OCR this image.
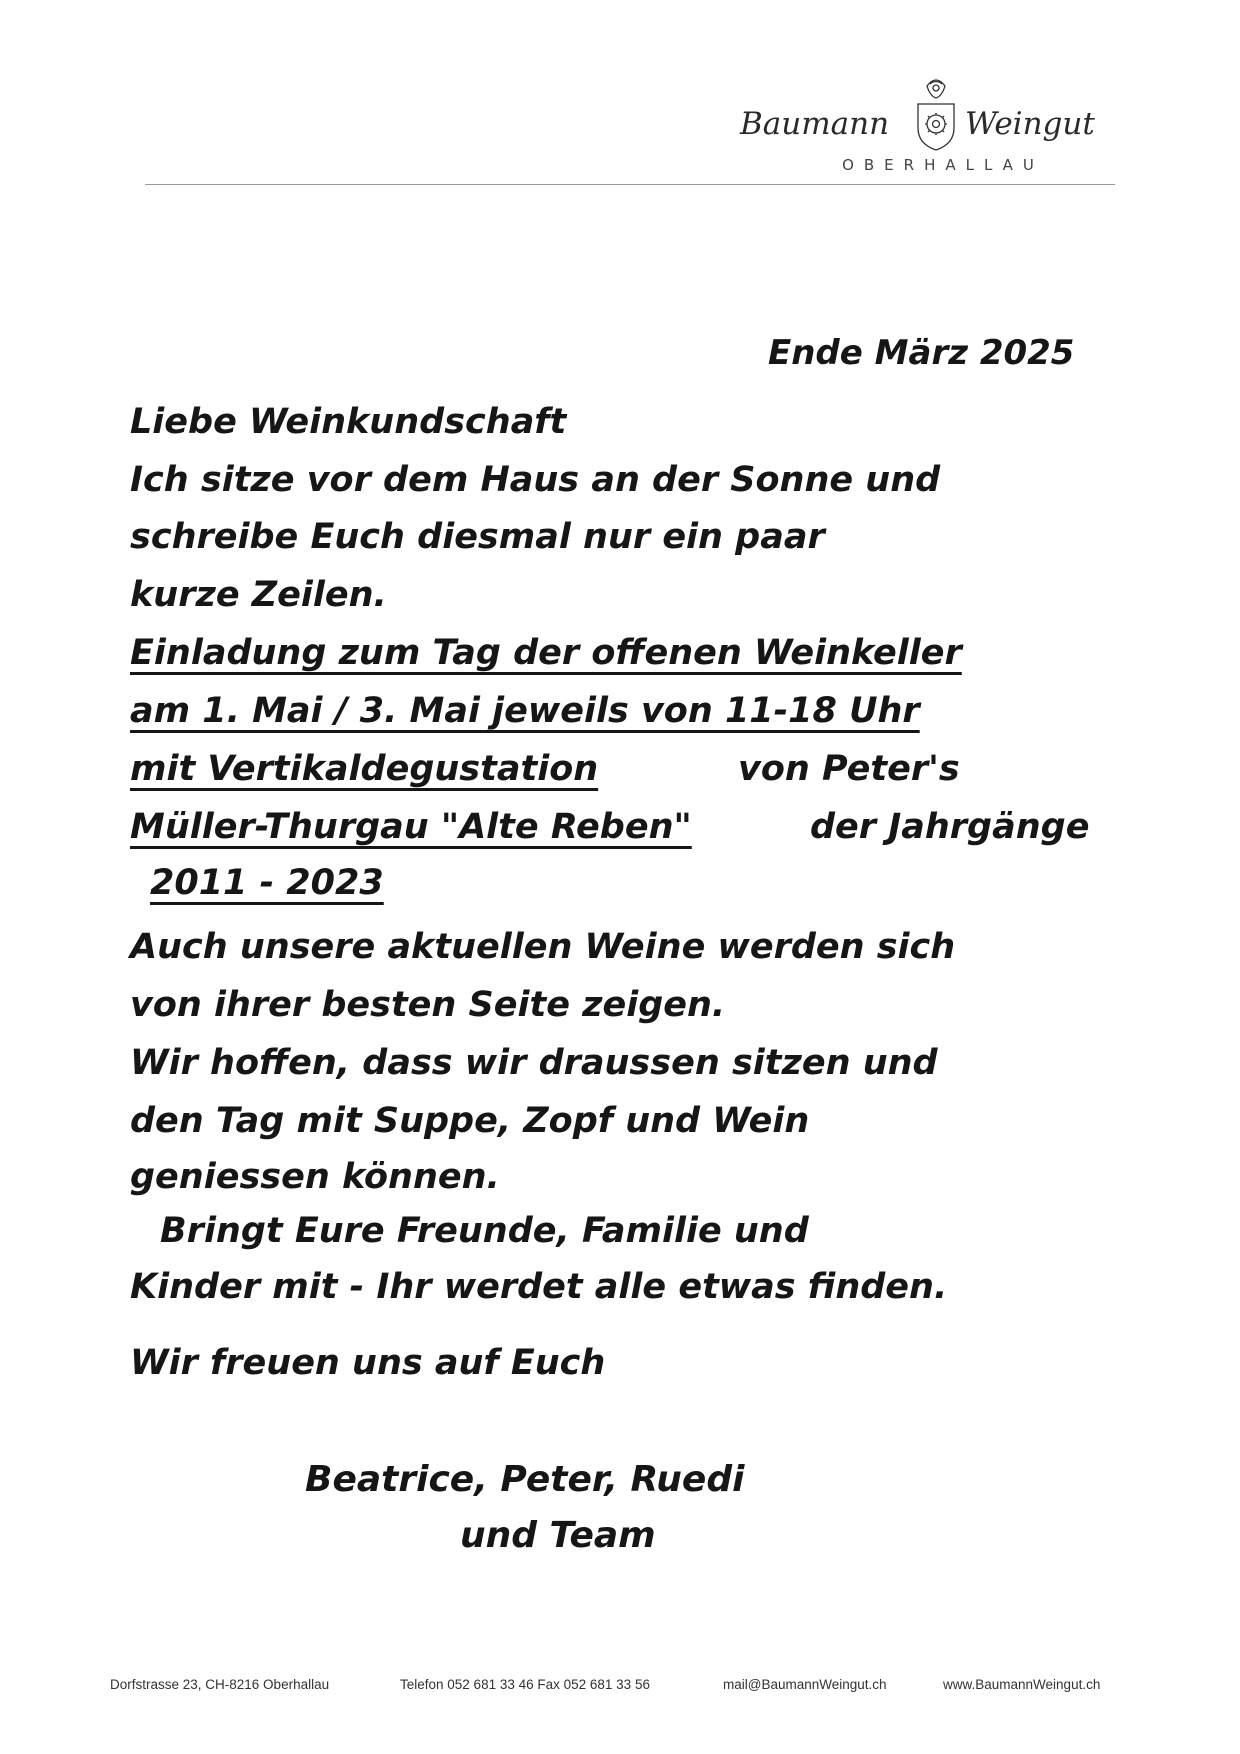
Baumann Weingut
OBERHALLAU
Ende März 2025
Liebe Weinkundschaft
Ich sitze vor dem Haus an der Sonne und
schreibe Euch diesmal nur ein paar
kurze Zeilen.
Einladung zum Tag der offenen Weinkeller
am 1. Mai / 3. Mai jeweils von 11-18 Uhr
mit Vertikaldegustation	von Peter's
Müller-Thurgau "Alte Reben"	der Jahrgänge
2011 - 2023
Auch unsere aktuellen Weine werden sich
von ihrer besten Seite zeigen.
Wir hoffen, dass wir draussen sitzen und
den Tag mit Suppe, Zopf und Wein
geniessen können.
Bringt Eure Freunde, Familie und
Kinder mit - Ihr werdet alle etwas finden.
Wir freuen uns auf Euch
Beatrice, Peter, Ruedi
und Team
Dorfstrasse 23, CH-8216 Oberhallau	Telefon 052 681 33 46 Fax 052 681 33 56	mail@BaumannWeingut.ch	www.BaumannWeingut.ch
